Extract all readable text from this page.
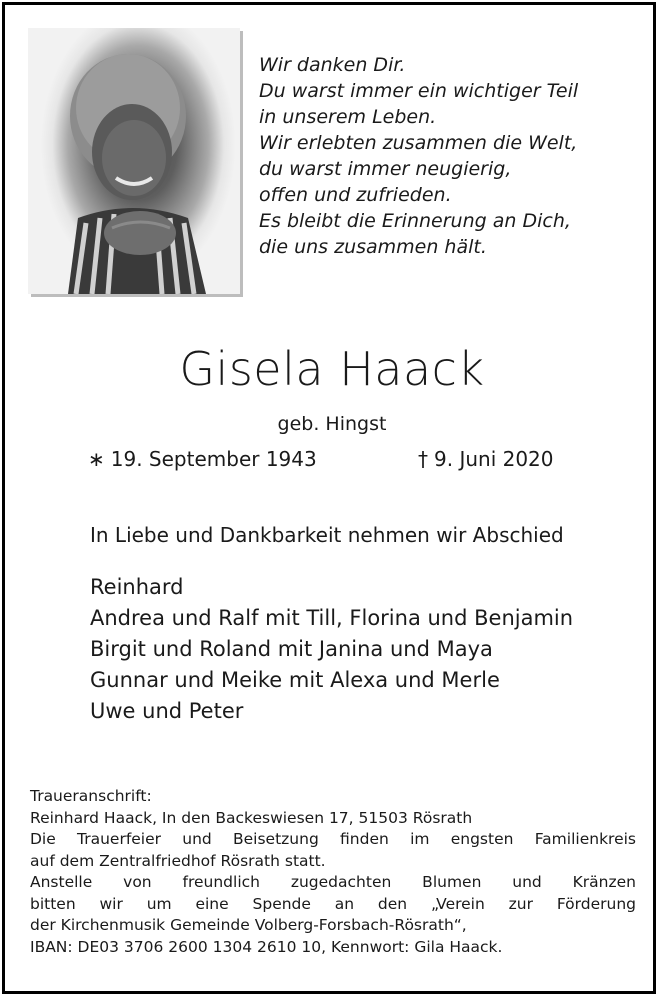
Wir danken Dir.
Du warst immer ein wichtiger Teil
in unserem Leben.
Wir erlebten zusammen die Welt,
du warst immer neugierig,
offen und zufrieden.
Es bleibt die Erinnerung an Dich,
die uns zusammen hält.
Gisela Haack
geb. Hingst
∗ 19. September 1943	† 9. Juni 2020
In Liebe und Dankbarkeit nehmen wir Abschied
Reinhard
Andrea und Ralf mit Till, Florina und Benjamin
Birgit und Roland mit Janina und Maya
Gunnar und Meike mit Alexa und Merle
Uwe und Peter
Traueranschrift:
Reinhard Haack, In den Backeswiesen 17, 51503 Rösrath
Die Trauerfeier und Beisetzung finden im engsten Familienkreis
auf dem Zentralfriedhof Rösrath statt.
Anstelle von freundlich zugedachten Blumen und Kränzen
bitten wir um eine Spende an den „Verein zur Förderung
der Kirchenmusik Gemeinde Volberg-Forsbach-Rösrath“,
IBAN: DE03 3706 2600 1304 2610 10, Kennwort: Gila Haack.
